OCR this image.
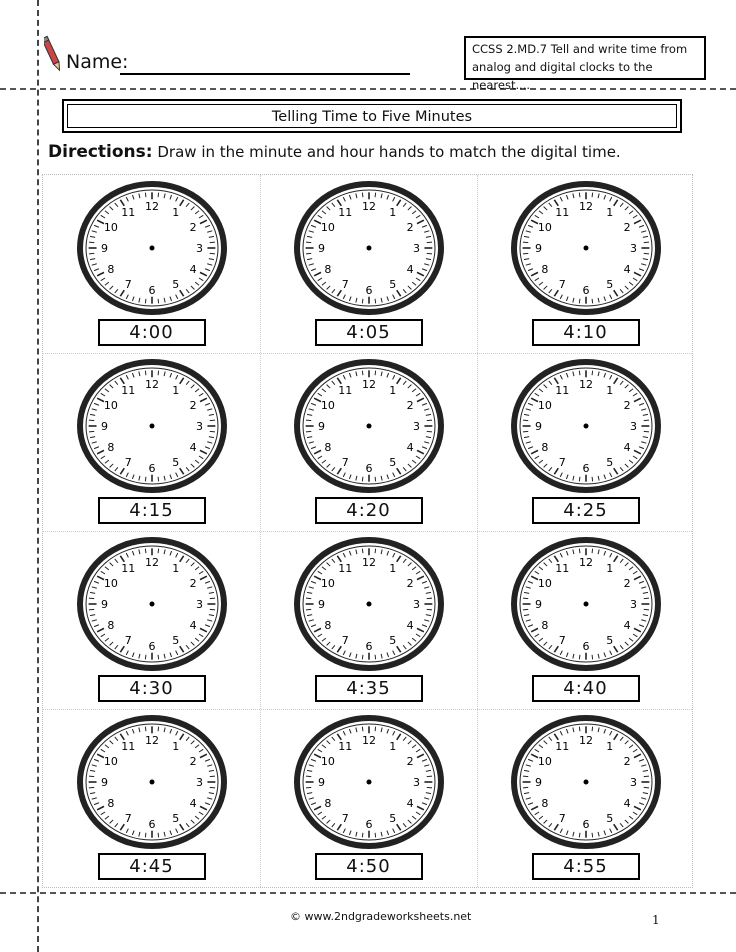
Name:
CCSS 2.MD.7 Tell and write time from analog and digital clocks to the nearest....
Telling Time to Five Minutes
Directions: Draw in the minute and hour hands to match the digital time.
12 1
2
3
4
5
6
7
8
9
10
11
4:00
12 1
2
3
4
5
6
7
8
9
10
11
4:05
12 1
2
3
4
5
6
7
8
9
10
11
4:10
12 1
2
3
4
5
6
7
8
9
10
11
4:15
12 1
2
3
4
5
6
7
8
9
10
11
4:20
12 1
2
3
4
5
6
7
8
9
10
11
4:25
12 1
2
3
4
5
6
7
8
9
10
11
4:30
12 1
2
3
4
5
6
7
8
9
10
11
4:35
12 1
2
3
4
5
6
7
8
9
10
11
4:40
12 1
2
3
4
5
6
7
8
9
10
11
4:45
12 1
2
3
4
5
6
7
8
9
10
11
4:50
12 1
2
3
4
5
6
7
8
9
10
11
4:55
© www.2ndgradeworksheets.net	1
